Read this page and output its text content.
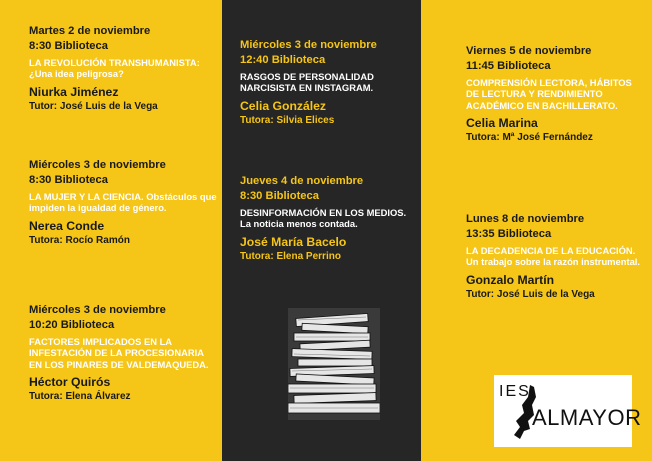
Martes 2 de noviembre
8:30 Biblioteca
LA REVOLUCIÓN TRANSHUMANISTA: ¿Una idea peligrosa?
Niurka Jiménez
Tutor: José Luis de la Vega
Miércoles 3 de noviembre
8:30 Biblioteca
LA MUJER Y LA CIENCIA. Obstáculos que impiden la igualdad de género.
Nerea Conde
Tutora: Rocío Ramón
Miércoles 3 de noviembre
10:20 Biblioteca
FACTORES IMPLICADOS EN LA INFESTACIÓN DE LA PROCESIONARIA EN LOS PINARES DE VALDEMAQUEDA.
Héctor Quirós
Tutora: Elena Álvarez
Miércoles 3 de noviembre
12:40 Biblioteca
RASGOS DE PERSONALIDAD NARCISISTA EN INSTAGRAM.
Celia González
Tutora: Silvia Elices
Jueves 4 de noviembre
8:30 Biblioteca
DESINFORMACIÓN EN LOS MEDIOS. La noticia menos contada.
José María Bacelo
Tutora: Elena Perrino
Viernes 5 de noviembre
11:45 Biblioteca
COMPRENSIÓN LECTORA, HÁBITOS DE LECTURA Y RENDIMIENTO ACADÉMICO EN BACHILLERATO.
Celia Marina
Tutora: Mª José Fernández
Lunes 8 de noviembre
13:35 Biblioteca
LA DECADENCIA DE LA EDUCACIÓN. Un trabajo sobre la razón instrumental.
Gonzalo Martín
Tutor: José Luis de la Vega
IES
ALMAYOR
